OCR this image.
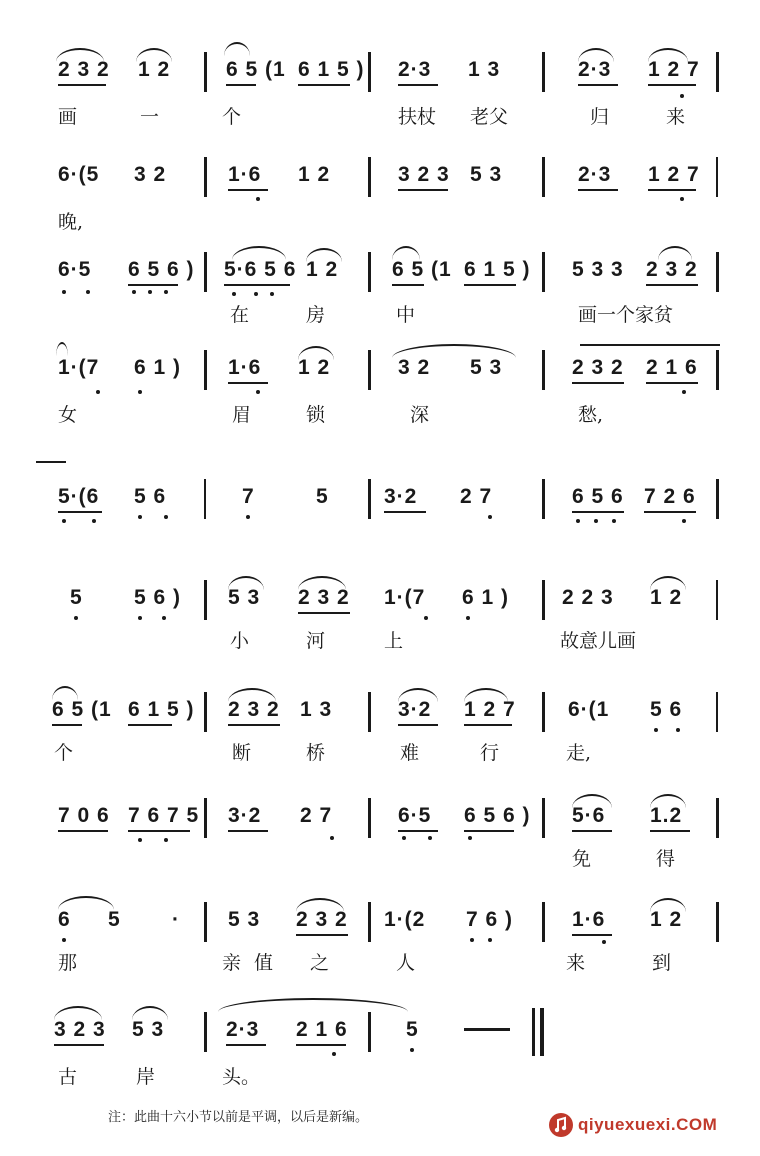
2 3 2 1 2	6 5 (1 6 1 5 ) 2·3 1 3	2·3 1 2 7
画	一	个	扶杖 老父	归	来
6·(5 3 2	1·6 1 2	3 2 3 5 3	2·3 1 2 7
晚,
6·5 6 5 6 ) 5·6 5 6 1 2	6 5 (1 6 1 5 ) 5 3 3 2 3 2
在	房	中	画一个家贫
1·(7 6 1 ) 1·6 1 2	3 2 5 3	2 3 2 2 1 6
女	眉	锁	深	愁,
5·(6 5 6	7	5	3·2 2 7	6 5 6 7 2 6
5 5 6 ) 5 3 2 3 2 1·(7 6 1 )	2 2 3 1 2
小	河	上	故意儿画
6 5 (1 6 1 5 ) 2 3 2 1 3	3·2 1 2 7 6·(1 5 6
个	断	桥	难	行	走,
7 0 6 7 6 7 5 3·2 2 7	6·5 6 5 6 ) 5·6 1.2
免	得
6 5 · 5 3 2 3 2 1·(2 7 6 )	1·6 1 2
那	亲 值 之	人	来	到
3 2 3 5 3	2·3 2 1 6	5
古	岸	头。
注：此曲十六小节以前是平调，以后是新编。	qiyuexuexi.COM
